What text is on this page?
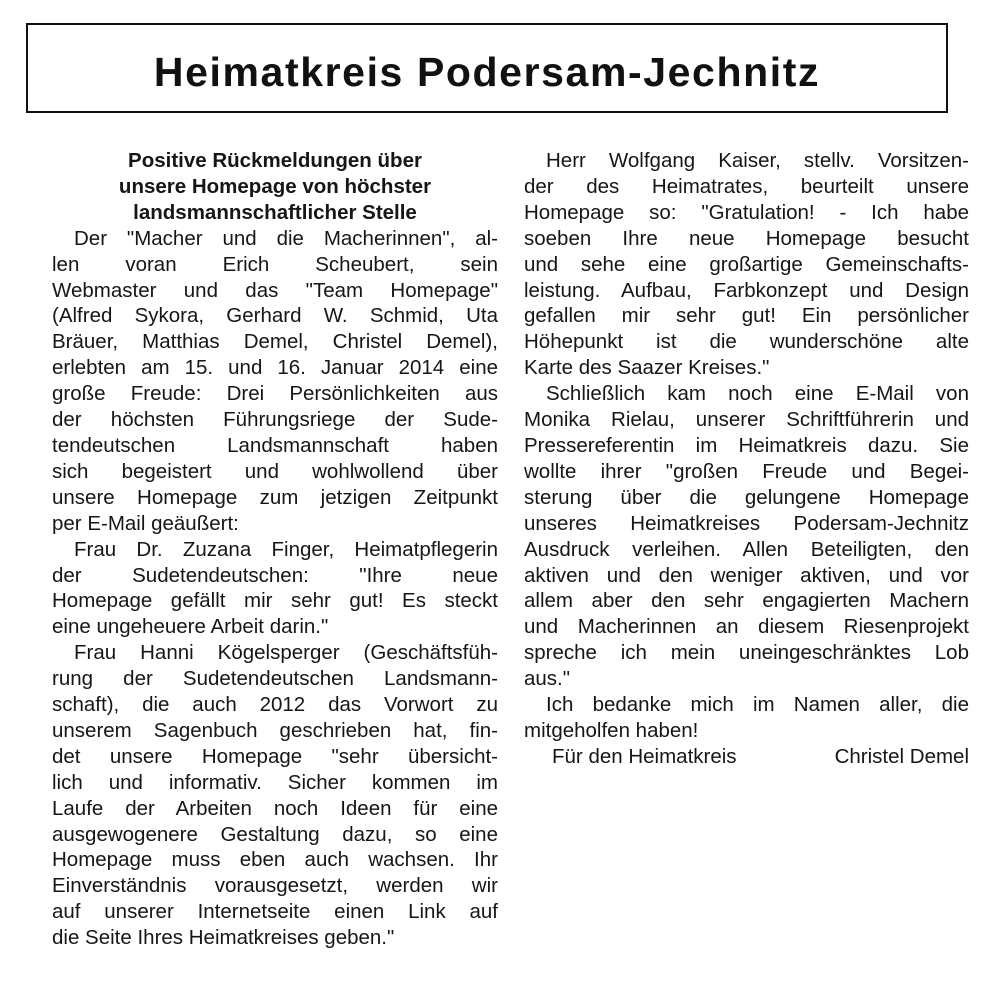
Heimatkreis Podersam-Jechnitz
Positive Rückmeldungen über
unsere Homepage von höchster
landsmannschaftlicher Stelle
Der "Macher und die Macherinnen", al-
len voran Erich Scheubert, sein
Webmaster und das "Team Homepage"
(Alfred Sykora, Gerhard W. Schmid, Uta
Bräuer, Matthias Demel, Christel Demel),
erlebten am 15. und 16. Januar 2014 eine
große Freude: Drei Persönlichkeiten aus
der höchsten Führungsriege der Sude-
tendeutschen Landsmannschaft haben
sich begeistert und wohlwollend über
unsere Homepage zum jetzigen Zeitpunkt
per E-Mail geäußert:
Frau Dr. Zuzana Finger, Heimatpflegerin
der Sudetendeutschen: "Ihre neue
Homepage gefällt mir sehr gut! Es steckt
eine ungeheuere Arbeit darin."
Frau Hanni Kögelsperger (Geschäftsfüh-
rung der Sudetendeutschen Landsmann-
schaft), die auch 2012 das Vorwort zu
unserem Sagenbuch geschrieben hat, fin-
det unsere Homepage "sehr übersicht-
lich und informativ. Sicher kommen im
Laufe der Arbeiten noch Ideen für eine
ausgewogenere Gestaltung dazu, so eine
Homepage muss eben auch wachsen. Ihr
Einverständnis vorausgesetzt, werden wir
auf unserer Internetseite einen Link auf
die Seite Ihres Heimatkreises geben."
Herr Wolfgang Kaiser, stellv. Vorsitzen-
der des Heimatrates, beurteilt unsere
Homepage so: "Gratulation! - Ich habe
soeben Ihre neue Homepage besucht
und sehe eine großartige Gemeinschafts-
leistung. Aufbau, Farbkonzept und Design
gefallen mir sehr gut! Ein persönlicher
Höhepunkt ist die wunderschöne alte
Karte des Saazer Kreises."
Schließlich kam noch eine E-Mail von
Monika Rielau, unserer Schriftführerin und
Pressereferentin im Heimatkreis dazu. Sie
wollte ihrer "großen Freude und Begei-
sterung über die gelungene Homepage
unseres Heimatkreises Podersam-Jechnitz
Ausdruck verleihen. Allen Beteiligten, den
aktiven und den weniger aktiven, und vor
allem aber den sehr engagierten Machern
und Macherinnen an diesem Riesenprojekt
spreche ich mein uneingeschränktes Lob
aus."
Ich bedanke mich im Namen aller, die
mitgeholfen haben!
Für den Heimatkreis	Christel Demel
